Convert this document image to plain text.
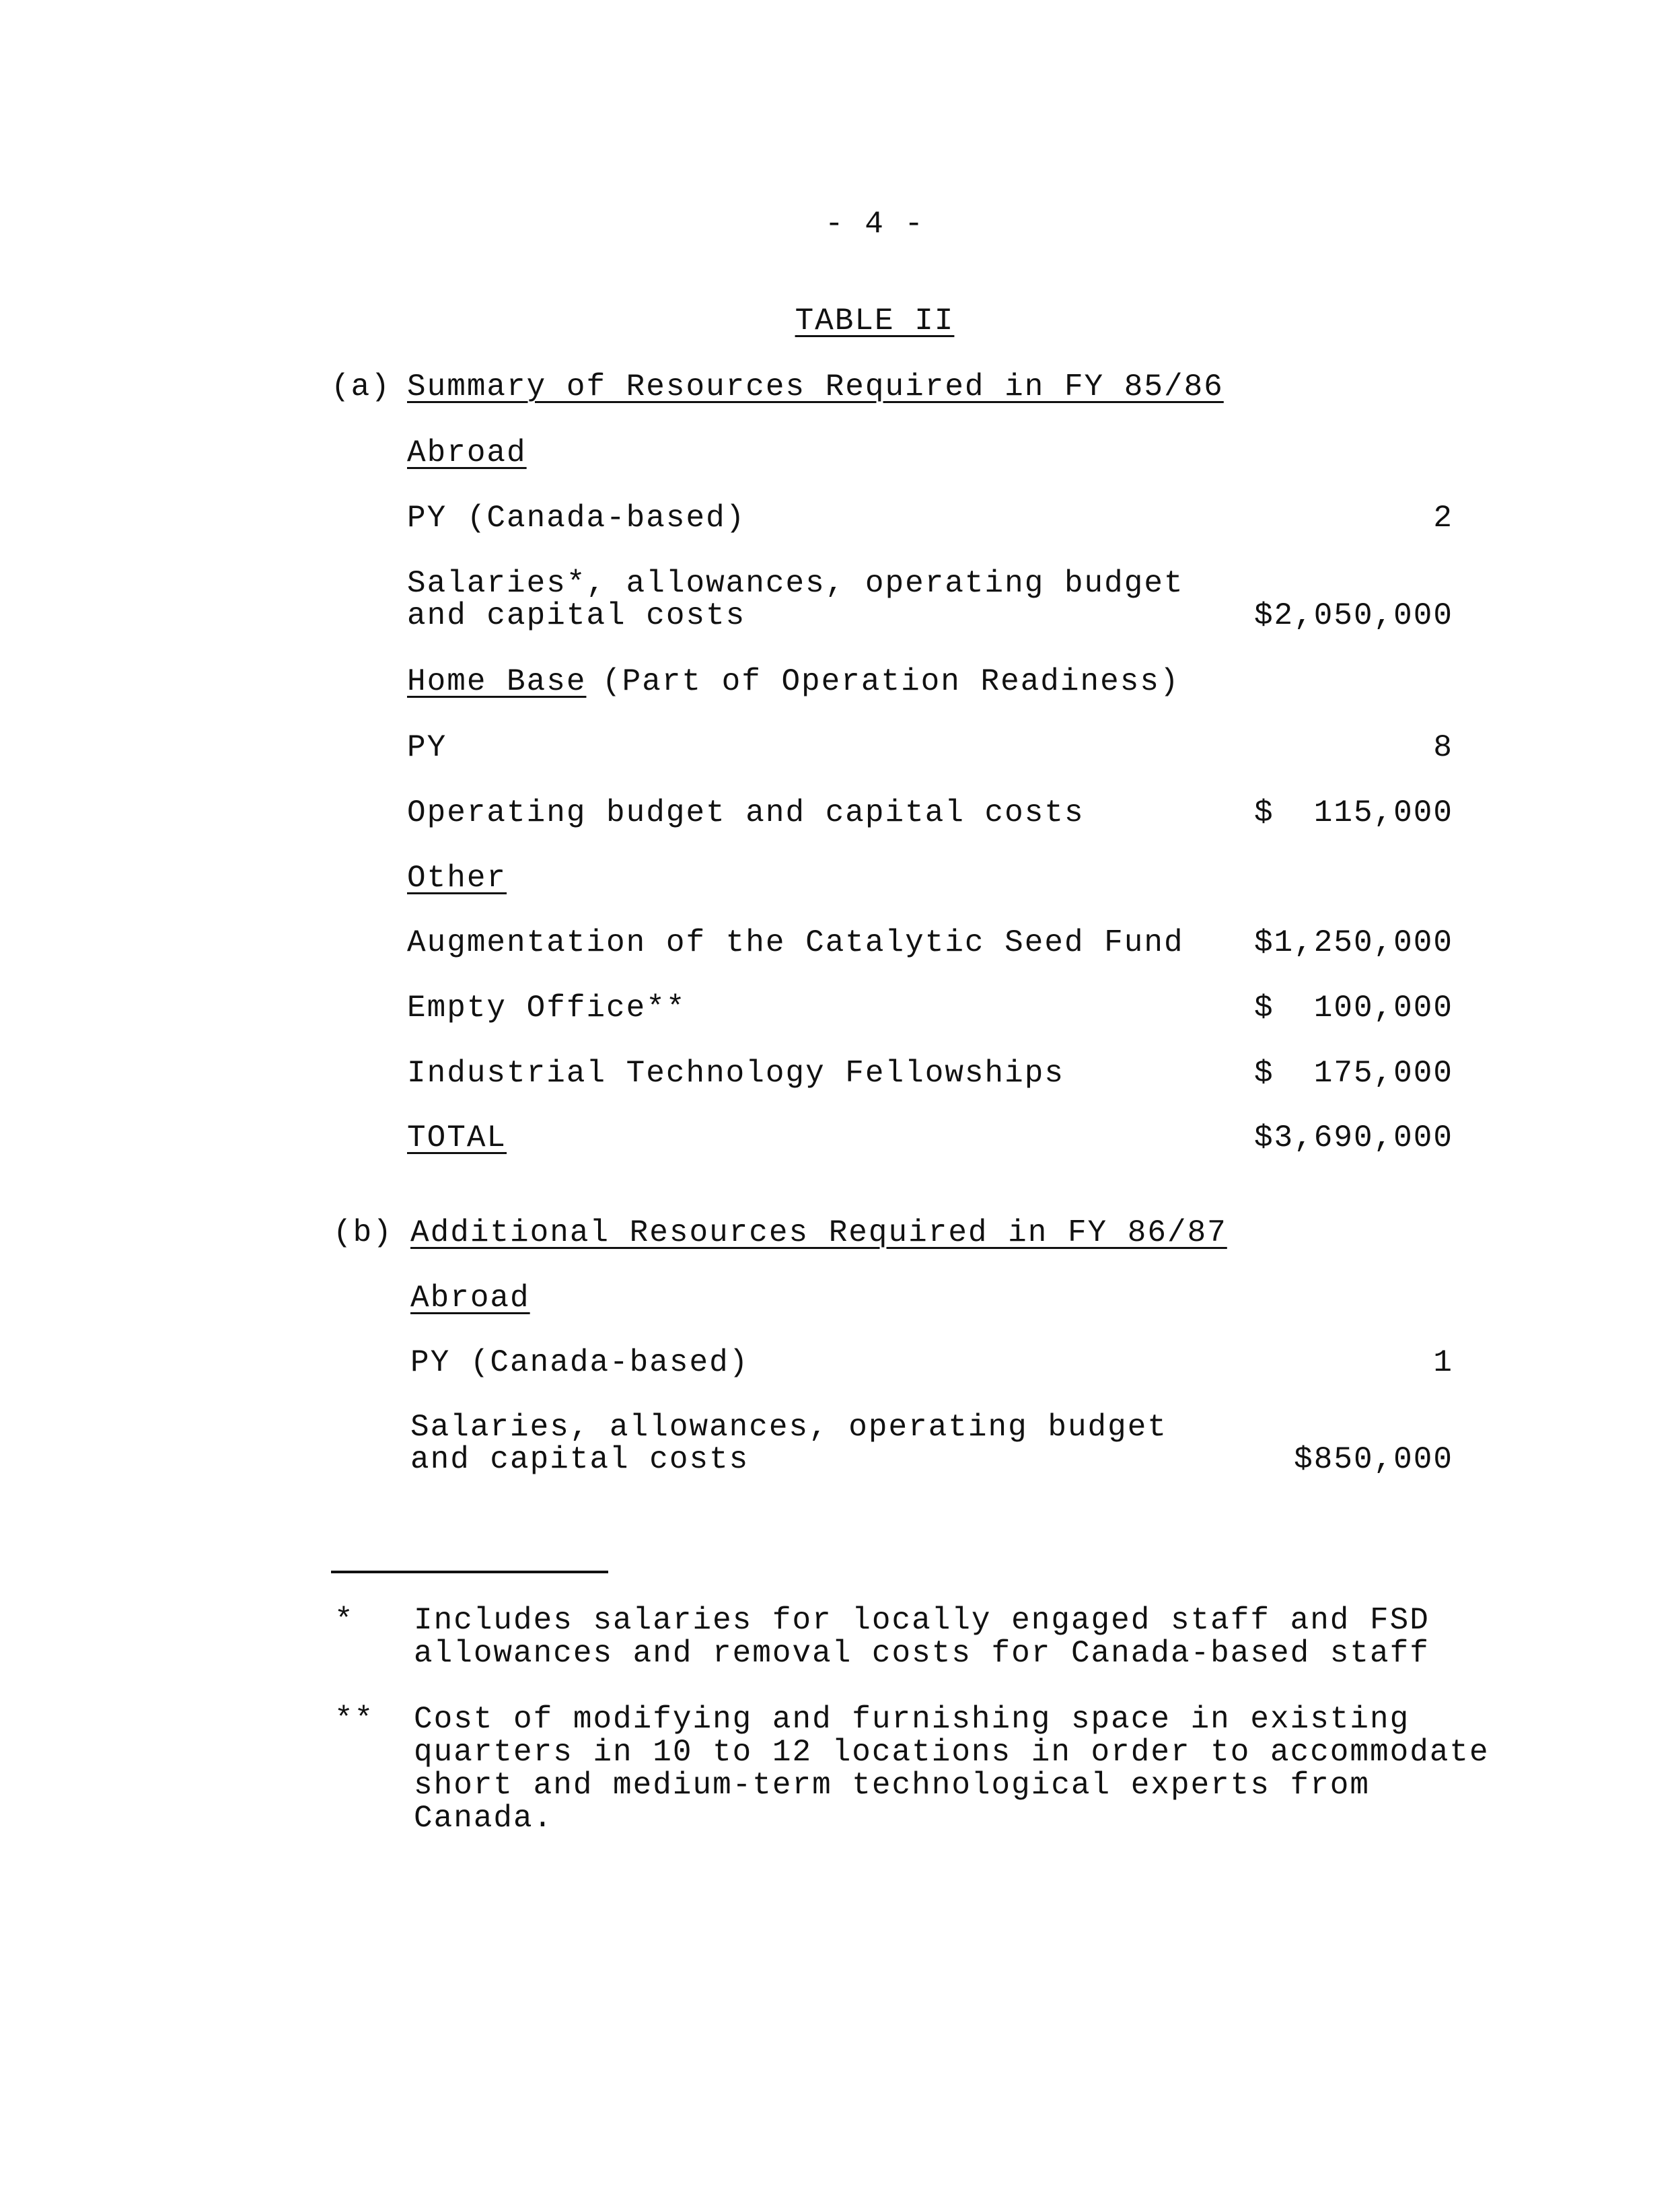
- 4 -
TABLE II
(a) Summary of Resources Required in FY 85/86
Abroad
PY (Canada-based)	2
Salaries*, allowances, operating budget
and capital costs	$2,050,000
Home Base (Part of Operation Readiness)
PY	8
Operating budget and capital costs	$  115,000
Other
Augmentation of the Catalytic Seed Fund	$1,250,000
Empty Office**	$  100,000
Industrial Technology Fellowships	$  175,000
TOTAL	$3,690,000
(b) Additional Resources Required in FY 86/87
Abroad
PY (Canada-based)	1
Salaries, allowances, operating budget
and capital costs	$850,000
* Includes salaries for locally engaged staff and FSD
allowances and removal costs for Canada-based staff
** Cost of modifying and furnishing space in existing
quarters in 10 to 12 locations in order to accommodate
short and medium-term technological experts from
Canada.
